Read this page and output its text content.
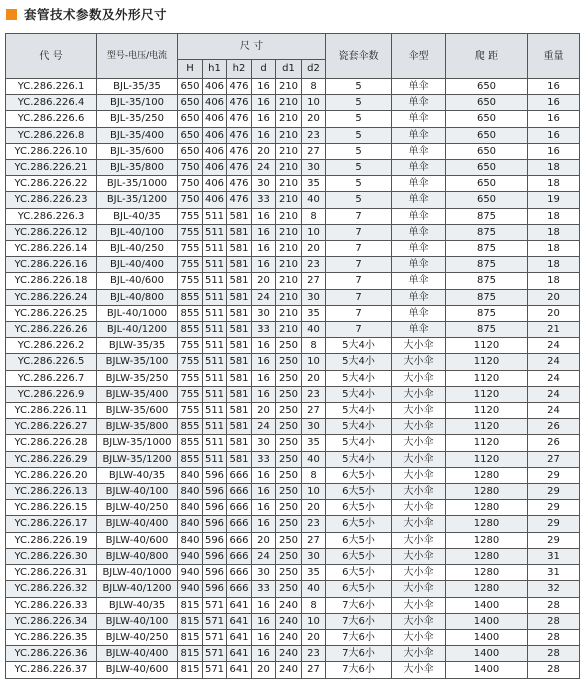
套管技术参数及外形尺寸
代 号	型号-电压/电流	尺 寸						瓷套伞数	伞型	爬 距	重量
		H	h1	h2	d	d1	d2				
YC.286.226.1	BJL-35/35	650	406	476	16	210	8	5	单伞	650	16
YC.286.226.4	BJL-35/100	650	406	476	16	210	10	5	单伞	650	16
YC.286.226.6	BJL-35/250	650	406	476	16	210	20	5	单伞	650	16
YC.286.226.8	BJL-35/400	650	406	476	16	210	23	5	单伞	650	16
YC.286.226.10	BJL-35/600	650	406	476	20	210	27	5	单伞	650	16
YC.286.226.21	BJL-35/800	750	406	476	24	210	30	5	单伞	650	18
YC.286.226.22	BJL-35/1000	750	406	476	30	210	35	5	单伞	650	18
YC.286.226.23	BJL-35/1200	750	406	476	33	210	40	5	单伞	650	19
YC.286.226.3	BJL-40/35	755	511	581	16	210	8	7	单伞	875	18
YC.286.226.12	BJL-40/100	755	511	581	16	210	10	7	单伞	875	18
YC.286.226.14	BJL-40/250	755	511	581	16	210	20	7	单伞	875	18
YC.286.226.16	BJL-40/400	755	511	581	16	210	23	7	单伞	875	18
YC.286.226.18	BJL-40/600	755	511	581	20	210	27	7	单伞	875	18
YC.286.226.24	BJL-40/800	855	511	581	24	210	30	7	单伞	875	20
YC.286.226.25	BJL-40/1000	855	511	581	30	210	35	7	单伞	875	20
YC.286.226.26	BJL-40/1200	855	511	581	33	210	40	7	单伞	875	21
YC.286.226.2	BJLW-35/35	755	511	581	16	250	8	5大4小	大小伞	1120	24
YC.286.226.5	BJLW-35/100	755	511	581	16	250	10	5大4小	大小伞	1120	24
YC.286.226.7	BJLW-35/250	755	511	581	16	250	20	5大4小	大小伞	1120	24
YC.286.226.9	BJLW-35/400	755	511	581	16	250	23	5大4小	大小伞	1120	24
YC.286.226.11	BJLW-35/600	755	511	581	20	250	27	5大4小	大小伞	1120	24
YC.286.226.27	BJLW-35/800	855	511	581	24	250	30	5大4小	大小伞	1120	26
YC.286.226.28	BJLW-35/1000	855	511	581	30	250	35	5大4小	大小伞	1120	26
YC.286.226.29	BJLW-35/1200	855	511	581	33	250	40	5大4小	大小伞	1120	27
YC.286.226.20	BJLW-40/35	840	596	666	16	250	8	6大5小	大小伞	1280	29
YC.286.226.13	BJLW-40/100	840	596	666	16	250	10	6大5小	大小伞	1280	29
YC.286.226.15	BJLW-40/250	840	596	666	16	250	20	6大5小	大小伞	1280	29
YC.286.226.17	BJLW-40/400	840	596	666	16	250	23	6大5小	大小伞	1280	29
YC.286.226.19	BJLW-40/600	840	596	666	20	250	27	6大5小	大小伞	1280	29
YC.286.226.30	BJLW-40/800	940	596	666	24	250	30	6大5小	大小伞	1280	31
YC.286.226.31	BJLW-40/1000	940	596	666	30	250	35	6大5小	大小伞	1280	31
YC.286.226.32	BJLW-40/1200	940	596	666	33	250	40	6大5小	大小伞	1280	32
YC.286.226.33	BJLW-40/35	815	571	641	16	240	8	7大6小	大小伞	1400	28
YC.286.226.34	BJLW-40/100	815	571	641	16	240	10	7大6小	大小伞	1400	28
YC.286.226.35	BJLW-40/250	815	571	641	16	240	20	7大6小	大小伞	1400	28
YC.286.226.36	BJLW-40/400	815	571	641	16	240	23	7大6小	大小伞	1400	28
YC.286.226.37	BJLW-40/600	815	571	641	20	240	27	7大6小	大小伞	1400	28
